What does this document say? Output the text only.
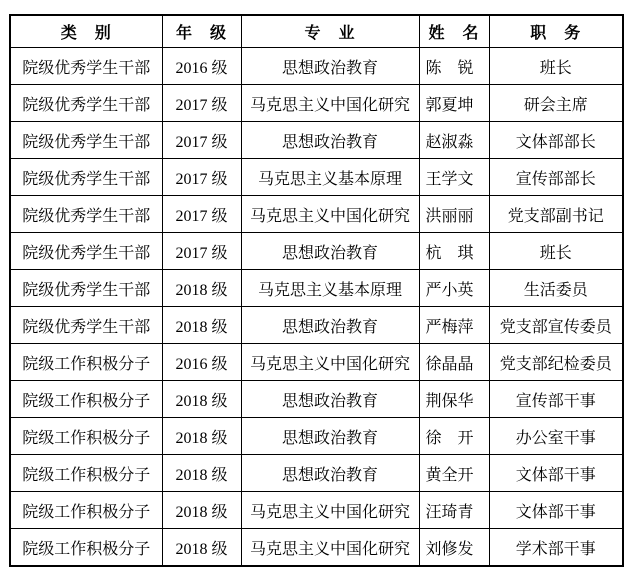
类　别	年　级	专　业	姓　名	职　务
院级优秀学生干部	2016 级	思想政治教育	陈　锐	班长
院级优秀学生干部	2017 级	马克思主义中国化研究	郭夏坤	研会主席
院级优秀学生干部	2017 级	思想政治教育	赵淑淼	文体部部长
院级优秀学生干部	2017 级	马克思主义基本原理	王学文	宣传部部长
院级优秀学生干部	2017 级	马克思主义中国化研究	洪丽丽	党支部副书记
院级优秀学生干部	2017 级	思想政治教育	杭　琪	班长
院级优秀学生干部	2018 级	马克思主义基本原理	严小英	生活委员
院级优秀学生干部	2018 级	思想政治教育	严梅萍	党支部宣传委员
院级工作积极分子	2016 级	马克思主义中国化研究	徐晶晶	党支部纪检委员
院级工作积极分子	2018 级	思想政治教育	荆保华	宣传部干事
院级工作积极分子	2018 级	思想政治教育	徐　开	办公室干事
院级工作积极分子	2018 级	思想政治教育	黄全开	文体部干事
院级工作积极分子	2018 级	马克思主义中国化研究	汪琦青	文体部干事
院级工作积极分子	2018 级	马克思主义中国化研究	刘修发	学术部干事
